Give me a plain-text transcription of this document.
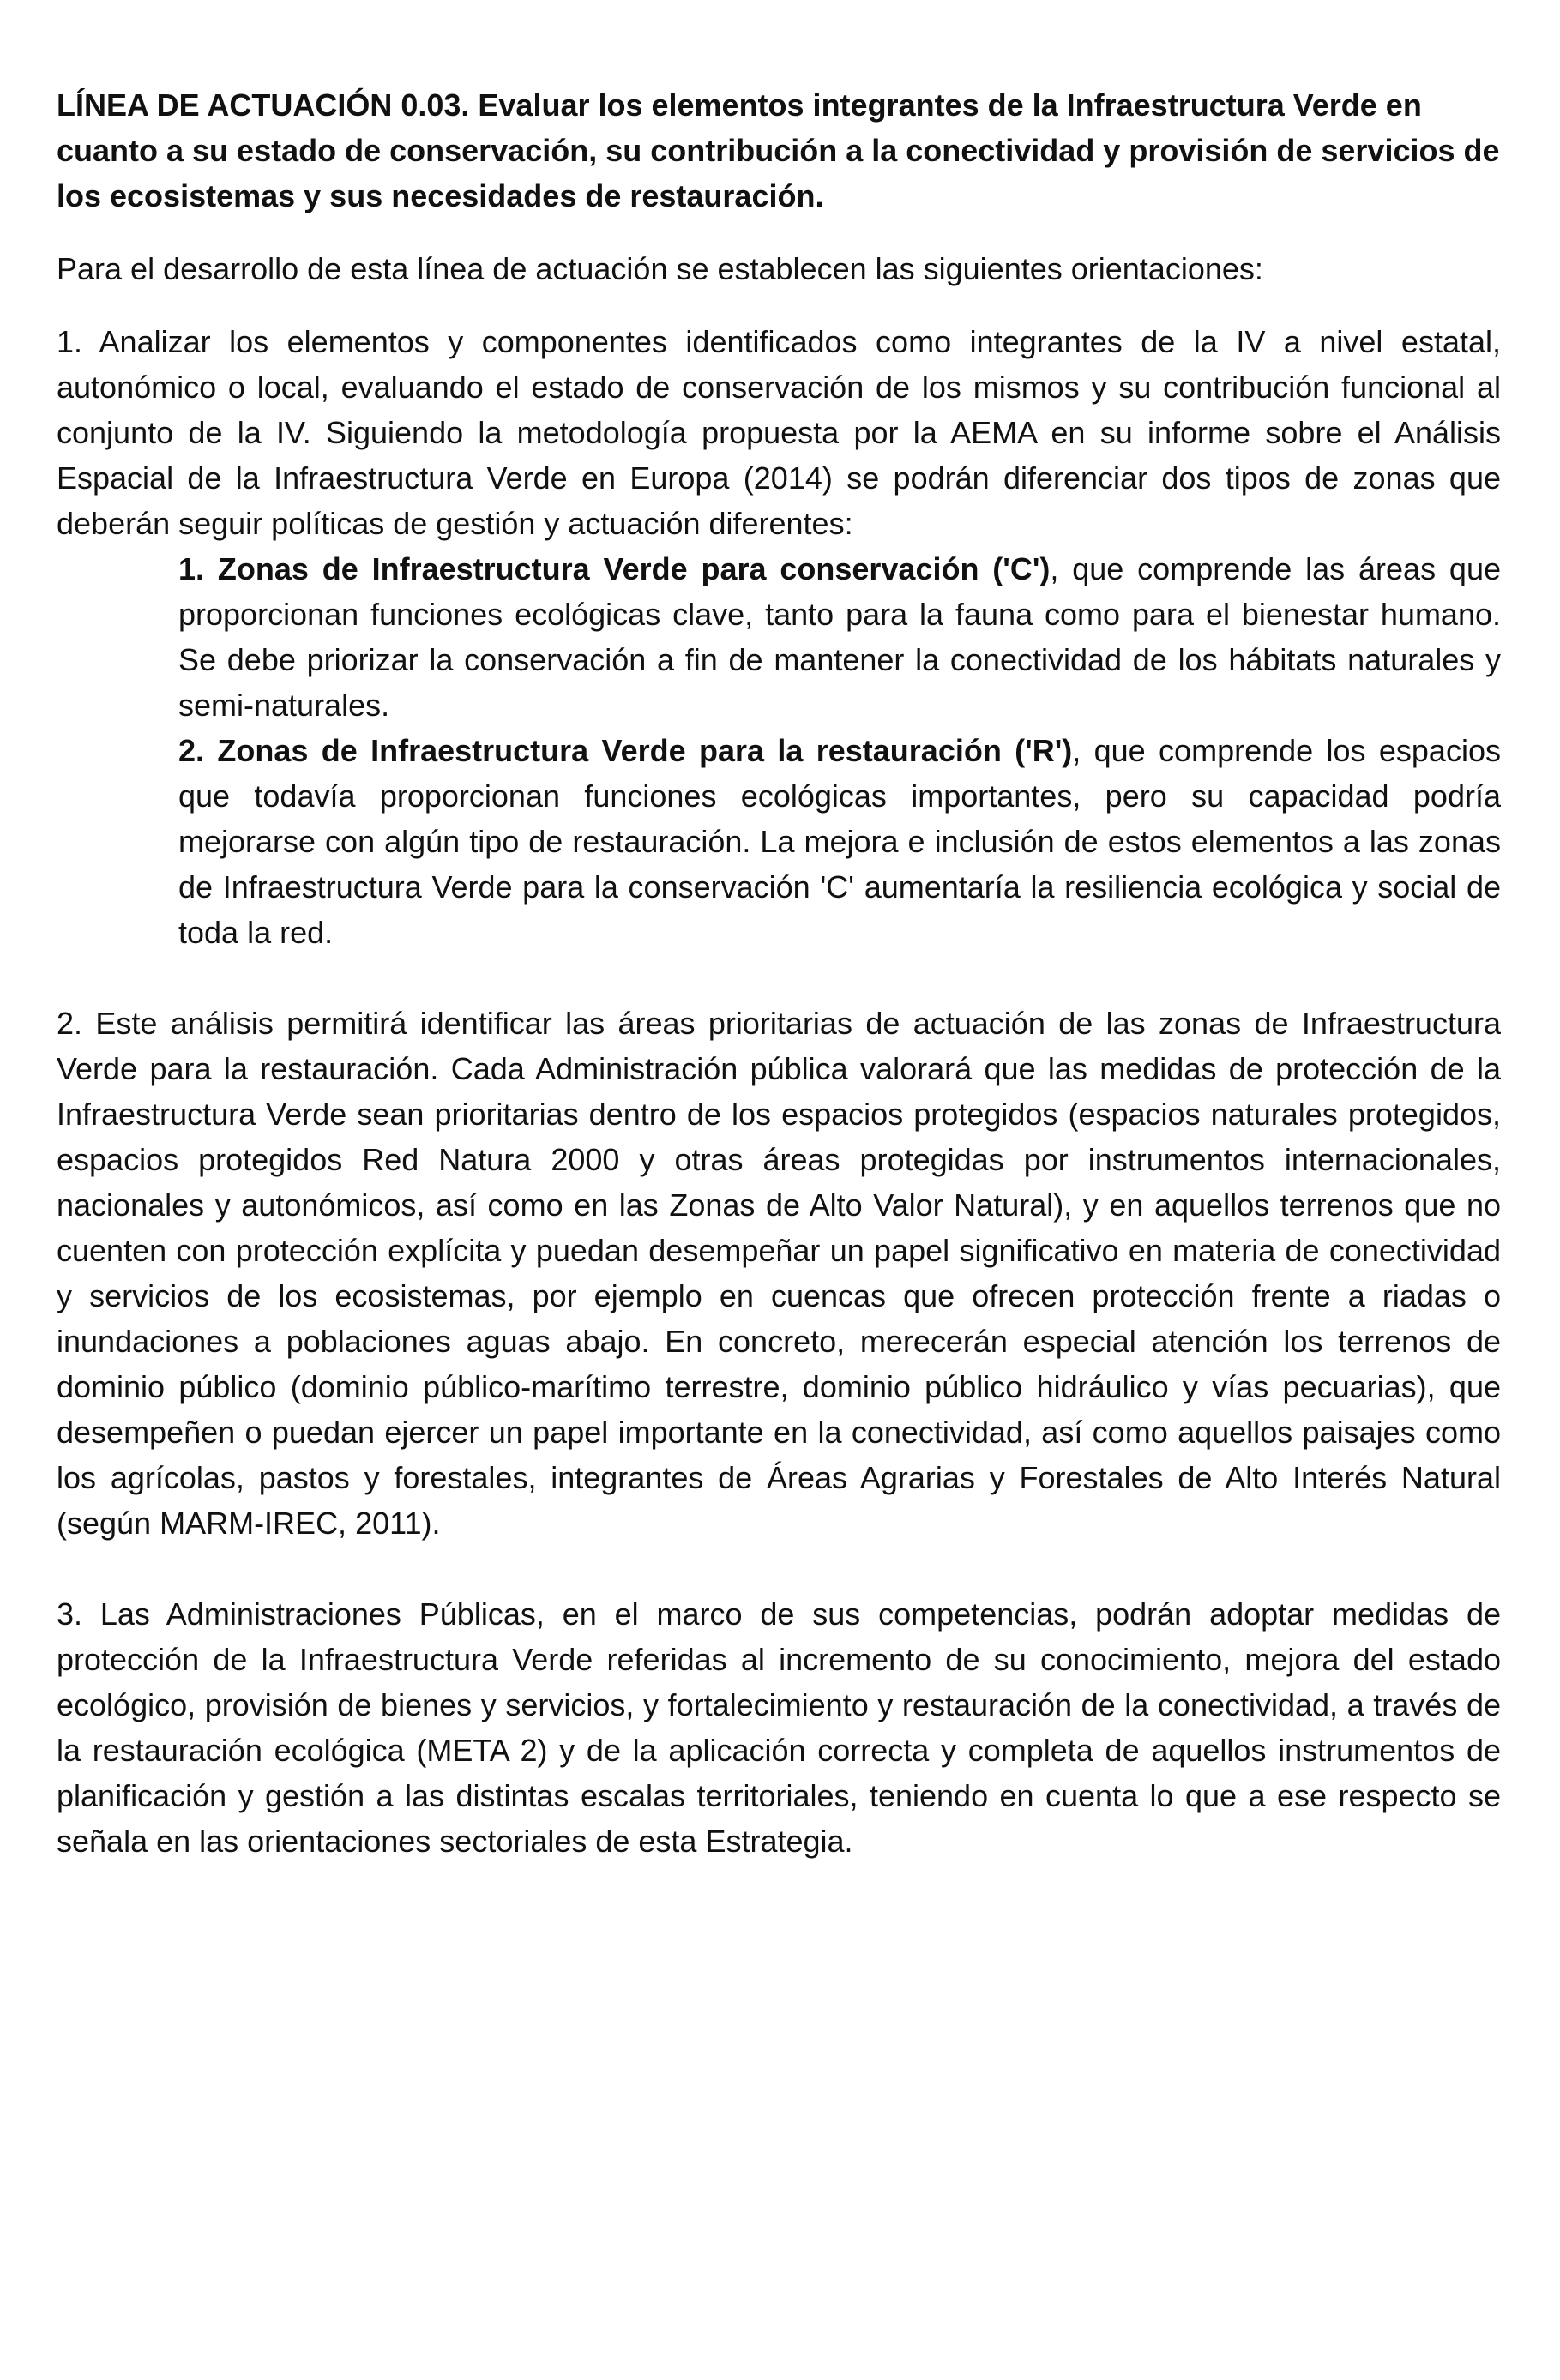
LÍNEA DE ACTUACIÓN 0.03. Evaluar los elementos integrantes de la Infraestructura Verde en cuanto a su estado de conservación, su contribución a la conectividad y provisión de servicios de los ecosistemas y sus necesidades de restauración.

Para el desarrollo de esta línea de actuación se establecen las siguientes orientaciones:

1. Analizar los elementos y componentes identificados como integrantes de la IV a nivel estatal, autonómico o local, evaluando el estado de conservación de los mismos y su contribución funcional al conjunto de la IV. Siguiendo la metodología propuesta por la AEMA en su informe sobre el Análisis Espacial de la Infraestructura Verde en Europa (2014) se podrán diferenciar dos tipos de zonas que deberán seguir políticas de gestión y actuación diferentes:

1. Zonas de Infraestructura Verde para conservación ('C'), que comprende las áreas que proporcionan funciones ecológicas clave, tanto para la fauna como para el bienestar humano. Se debe priorizar la conservación a fin de mantener la conectividad de los hábitats naturales y semi-naturales.

2. Zonas de Infraestructura Verde para la restauración ('R'), que comprende los espacios que todavía proporcionan funciones ecológicas importantes, pero su capacidad podría mejorarse con algún tipo de restauración. La mejora e inclusión de estos elementos a las zonas de Infraestructura Verde para la conservación 'C' aumentaría la resiliencia ecológica y social de toda la red.

2. Este análisis permitirá identificar las áreas prioritarias de actuación de las zonas de Infraestructura Verde para la restauración. Cada Administración pública valorará que las medidas de protección de la Infraestructura Verde sean prioritarias dentro de los espacios protegidos (espacios naturales protegidos, espacios protegidos Red Natura 2000 y otras áreas protegidas por instrumentos internacionales, nacionales y autonómicos, así como en las Zonas de Alto Valor Natural), y en aquellos terrenos que no cuenten con protección explícita y puedan desempeñar un papel significativo en materia de conectividad y servicios de los ecosistemas, por ejemplo en cuencas que ofrecen protección frente a riadas o inundaciones a poblaciones aguas abajo. En concreto, merecerán especial atención los terrenos de dominio público (dominio público-marítimo terrestre, dominio público hidráulico y vías pecuarias), que desempeñen o puedan ejercer un papel importante en la conectividad, así como aquellos paisajes como los agrícolas, pastos y forestales, integrantes de Áreas Agrarias y Forestales de Alto Interés Natural (según MARM-IREC, 2011).

3. Las Administraciones Públicas, en el marco de sus competencias, podrán adoptar medidas de protección de la Infraestructura Verde referidas al incremento de su conocimiento, mejora del estado ecológico, provisión de bienes y servicios, y fortalecimiento y restauración de la conectividad, a través de la restauración ecológica (META 2) y de la aplicación correcta y completa de aquellos instrumentos de planificación y gestión a las distintas escalas territoriales, teniendo en cuenta lo que a ese respecto se señala en las orientaciones sectoriales de esta Estrategia.
